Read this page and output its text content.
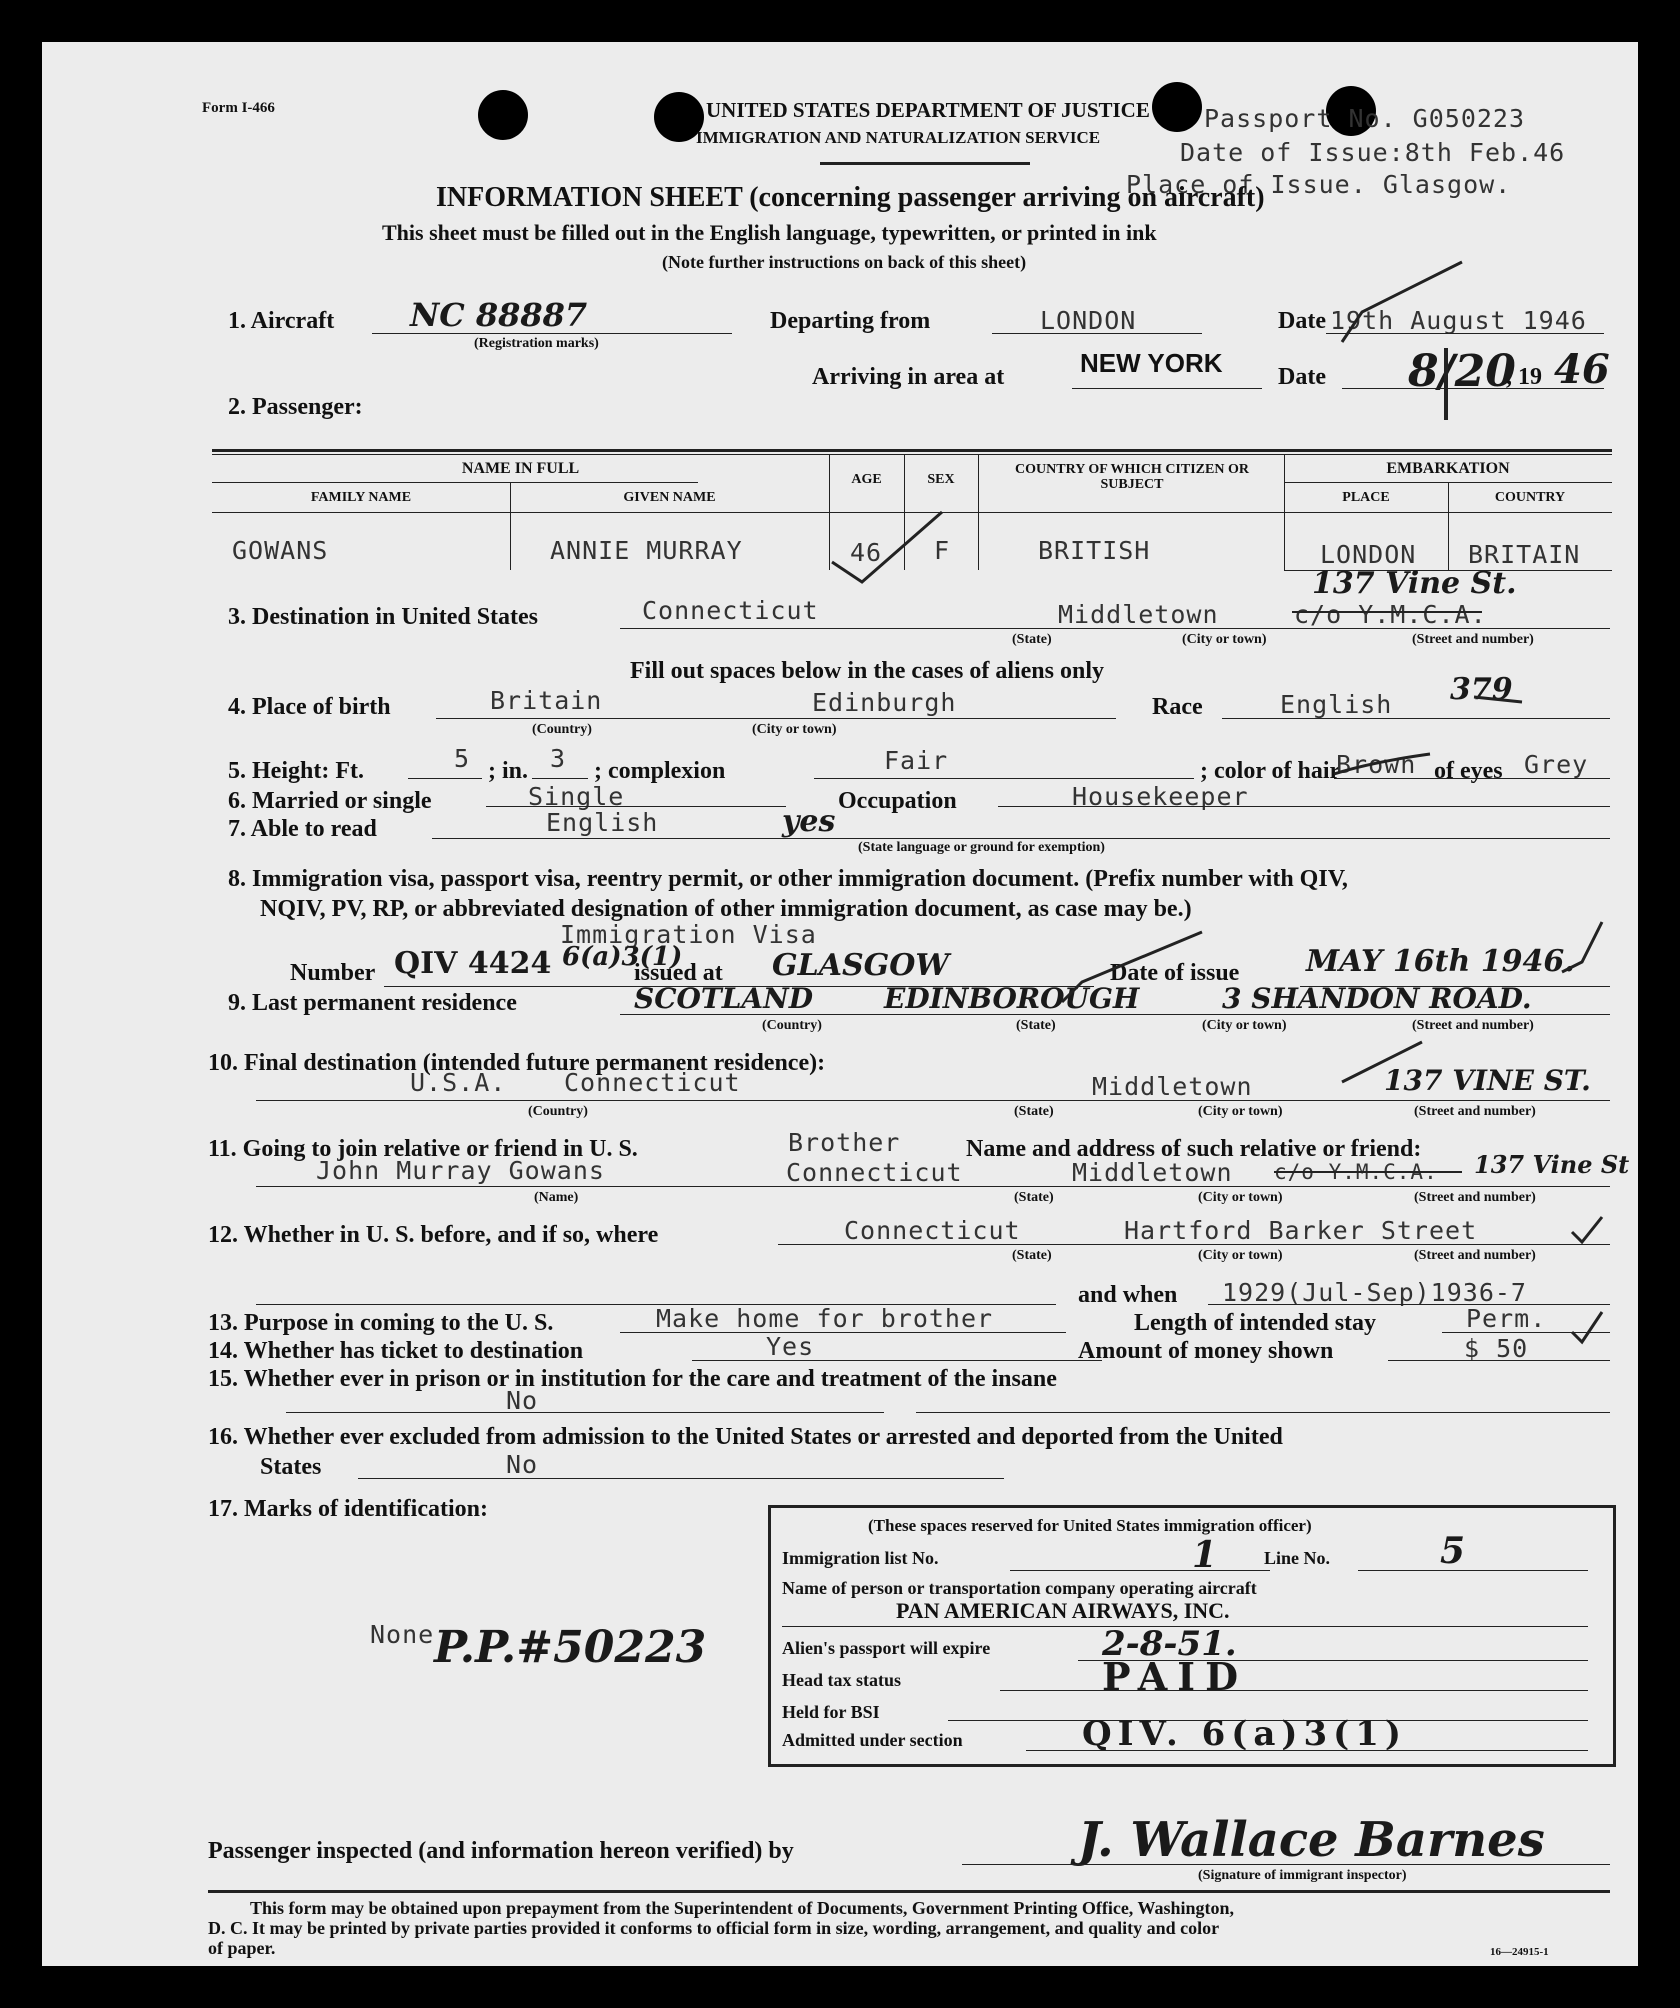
Form I-466	UNITED STATES DEPARTMENT OF JUSTICE
IMMIGRATION AND NATURALIZATION SERVICE
Passport No. G050223
Date of Issue:8th Feb.46
Place of Issue. Glasgow.
INFORMATION SHEET (concerning passenger arriving on aircraft)
This sheet must be filled out in the English language, typewritten, or printed in ink
(Note further instructions on back of this sheet)
1. Aircraft NC 88887
(Registration marks)
Departing from	LONDON	Date 19th August 1946
Arriving in area at	NEW YORK Date 8/20
, 19 46
2. Passenger:
NAME IN FULL
FAMILY NAME	GIVEN NAME
AGE	SEX
COUNTRY OF WHICH CITIZEN OR SUBJECT
EMBARKATION
PLACE	COUNTRY
GOWANS	ANNIE MURRAY	46 F	BRITISH	LONDON BRITAIN
3. Destination in United States	Connecticut	Middletown	c/o Y.M.C.A.
137 Vine St.
(State)	(City or town)	(Street and number)
Fill out spaces below in the cases of aliens only
4. Place of birth	Britain	Edinburgh
(Country)	(City or town)
Race	English 379
5. Height: Ft.	5 ; in. 3 ; complexion	Fair	; color of hair
Brown of eyes Grey
6. Married or single	Single	Occupation	Housekeeper
7. Able to read	English	yes
(State language or ground for exemption)
8. Immigration visa, passport visa, reentry permit, or other immigration document. (Prefix number with QIV,
NQIV, PV, RP, or abbreviated designation of other immigration document, as case may be.)
Immigration Visa
Number QIV 4424 6(a)3(1)
issued at GLASGOW	Date of issue MAY 16th 1946.
9. Last permanent residence	SCOTLAND	EDINBOROUGH	3 SHANDON ROAD.
(Country)	(State)	(City or town)	(Street and number)
10. Final destination (intended future permanent residence):
U.S.A. Connecticut	Middletown	137 VINE ST.
(Country)	(State)	(City or town)	(Street and number)
11. Going to join relative or friend in U. S.	Brother	Name and address of such relative or friend:
John Murray Gowans	Connecticut	Middletown c/o Y.M.C.A. 137 Vine St
(Name)	(State)	(City or town)	(Street and number)
12. Whether in U. S. before, and if so, where	Connecticut	Hartford Barker Street
(State)	(City or town)	(Street and number)
and when 1929(Jul-Sep)1936-7
13. Purpose in coming to the U. S.	Make home for brother	Length of intended stay	Perm.
14. Whether has ticket to destination	Yes	Amount of money shown	$ 50
15. Whether ever in prison or in institution for the care and treatment of the insane
No
16. Whether ever excluded from admission to the United States or arrested and deported from the United
States	No
17. Marks of identification:
None P.P.#50223
(These spaces reserved for United States immigration officer)
Immigration list No.	1	Line No.	5
Name of person or transportation company operating aircraft
PAN AMERICAN AIRWAYS, INC.
Alien's passport will expire	2-8-51.
Head tax status	PAID
Held for BSI
Admitted under section	QIV. 6(a)3(1)
Passenger inspected (and information hereon verified) by	J. Wallace Barnes
(Signature of immigrant inspector)
This form may be obtained upon prepayment from the Superintendent of Documents, Government Printing Office, Washington,
D. C. It may be printed by private parties provided it conforms to official form in size, wording, arrangement, and quality and color
of paper.	16—24915-1
